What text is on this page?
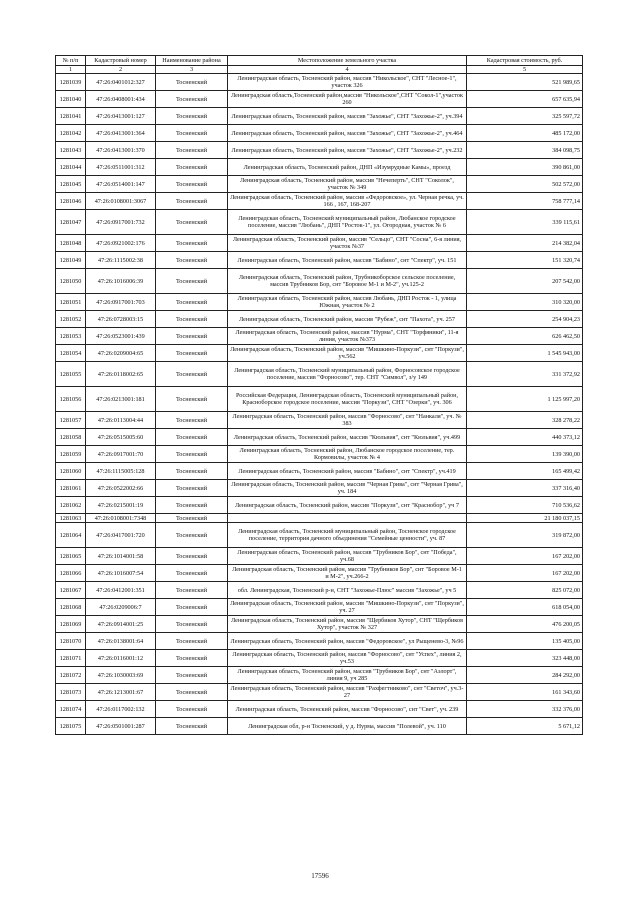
№ п/п	Кадастровый номер	Наименование района	Местоположение земельного участка	Кадастровая стоимость, руб.
1	2	3	4	5
1281039	47:26:0401012:327	Тосненский	Ленинградская область, Тосненский район, массив "Никольское", СНТ "Лесное-1", участок 326	521 989,65
1281040	47:26:0408001:434	Тосненский	Ленинградская область,Тосненский район,массив "Никольское",СНТ "Сокол-1",участок 260	657 635,94
1281041	47:26:0413001:127	Тосненский	Ленинградская область, Тосненский район, массив "Захожье", СНТ "Захожье-2", уч.394	325 597,72
1281042	47:26:0413001:364	Тосненский	Ленинградская область, Тосненский район, массив "Захожье", СНТ "Захожье-2", уч.464	485 172,00
1281043	47:26:0413001:370	Тосненский	Ленинградская область, Тосненский район, массив "Захожье", СНТ "Захожье-2", уч.232	384 098,75
1281044	47:26:0511001:312	Тосненский	Ленинградская область, Тосненский район, ДНП «Изумрудные Камы», проезд	390 861,00
1281045	47:26:0514001:147	Тосненский	Ленинградская область, Тосненский район, массив "Нечеперть", СНТ "Соколок", участок № 349	502 572,00
1281046	47:26:0108001:3067	Тосненский	Ленинградская область, Тосненский район, массив «Федоровское», ул. Черная речка, уч. 166 , 167, 168-207	758 777,14
1281047	47:26:0917001:732	Тосненский	Ленинградская область, Тосненский муниципальный район, Любанское городское поселение, массив "Любань", ДНП "Росток-1", ул. Огородная, участок № 6	339 115,61
1281048	47:26:0921002:176	Тосненский	Ленинградская область, Тосненский район, массив "Сельцо", СНТ "Сосна", 6-я линия, участок №37	214 382,04
1281049	47:26:1115002:38	Тосненский	Ленинградская область, Тосненский район, массив "Бабино", снт "Спектр", уч. 151	151 320,74
1281050	47:26:1016006:39	Тосненский	Ленинградская область, Тосненский район, Трубникоборское сельское поселение, массив Трубников Бор, снт "Боровое М-1 и М-2", уч.125-2	207 542,00
1281051	47:26:0917001:703	Тосненский	Ленинградская область, Тосненский район, массив Любань, ДНП Росток - 1, улица Южная, участок № 2	310 320,00
1281052	47:26:0728003:15	Тосненский	Ленинградская область, Тосненский район, массив "Рубеж", снт "Пахота", уч. 257	254 904,23
1281053	47:26:0523001:439	Тосненский	Ленинградская область, Тосненский район, массив "Нурма", СНТ "Торфяники", 11-я линия, участок №373	626 462,50
1281054	47:26:0209004:65	Тосненский	Ленинградская область, Тосненский район, массив "Мишкино-Поркузи", снт "Поркузи", уч.562	1 545 943,00
1281055	47:26:0118002:65	Тосненский	Ленинградская область, Тосненский муниципальный район, Форносовское городское поселение, массив "Форносово", тер. СНТ "Символ", з/у 149	331 372,92
1281056	47:26:0213001:181	Тосненский	Российская Федерация, Ленинградская область, Тосненский муниципальный район, Красноборское городское поселение, массив "Поркузи", СНТ "Озерки", уч. 306	1 125 997,20
1281057	47:26:0113004:44	Тосненский	Ленинградская область, Тосненский район, массив "Форносово", снт "Нанкаля", уч. № 383	328 278,22
1281058	47:26:0515005:60	Тосненский	Ленинградская область, Тосненский район, массив "Кюльвия", снт "Кюльвия", уч.499	440 373,12
1281059	47:26:0917001:70	Тосненский	Ленинградская область, Тосненский район, Любанское городское поселение, тер. Кормовилы, участок № 4	139 390,00
1281060	47:26:1115005:128	Тосненский	Ленинградская область, Тосненский район, массив "Бабино", снт "Спектр", уч.419	165 499,42
1281061	47:26:0522002:66	Тосненский	Ленинградская область, Тосненский район, массив "Черная Грива", снт "Черная Грива", уч. 184	337 316,40
1281062	47:26:0215001:19	Тосненский	Ленинградская область, Тосненский район, массив "Поркузи", снт "Краснобор", уч 7	710 536,62
1281063	47:26:0108001:7348	Тосненский		21 180 037,15
1281064	47:26:0417001:720	Тосненский	Ленинградская область, Тосненский муниципальный район, Тосненское городское поселение, территория дачного объединения "Семейные ценности", уч. 87	319 872,00
1281065	47:26:1014001:58	Тосненский	Ленинградская область, Тосненский район, массив "Трубников Бор", снт "Победа", уч.68	167 202,00
1281066	47:26:1016007:54	Тосненский	Ленинградская область, Тосненский район, массив "Трубников Бор", снт "Боровое М-1 и М-2", уч.266-2	167 202,00
1281067	47:26:0412001:351	Тосненский	обл. Ленинградская, Тосненский р-н, СНТ "Захожье-Плюс" массив "Захожье", уч 5	825 072,00
1281068	47:26:0209006:7	Тосненский	Ленинградская область, Тосненский район, массив "Мишкино-Поркузи", снт "Поркузи", уч. 27	618 054,00
1281069	47:26:0914001:25	Тосненский	Ленинградская область, Тосненский район, массив "Щербиков Хутор", СНТ "Щербиков Хутор", участок № 327	476 200,05
1281070	47:26:0138001:64	Тосненский	Ленинградская область, Тосненский район, массив "Федоровское", ул Рыщенево-3, №96	135 405,00
1281071	47:26:0116001:12	Тосненский	Ленинградская область, Тосненский район, массив "Форносово", снт "Успех", линия 2, уч.53	323 448,00
1281072	47:26:1030003:69	Тосненский	Ленинградская область, Тосненский район, массив "Трубников Бор", снт "Аэлорт", линия 9, уч 285	284 292,00
1281073	47:26:1213001:67	Тосненский	Ленинградская область, Тосненский район, массив "Рахфегтниково", снт "Светоч", уч.3-27	161 343,60
1281074	47:26:0117002:132	Тосненский	Ленинградская область, Тосненский район, массив "Форносово", снт "Свет", уч. 239	332 376,00
1281075	47:26:0501001:287	Тосненский	Ленинградская обл, р-н Тосненский, у д. Нурма, массив "Полевой", уч. 110	5 671,12
17596
